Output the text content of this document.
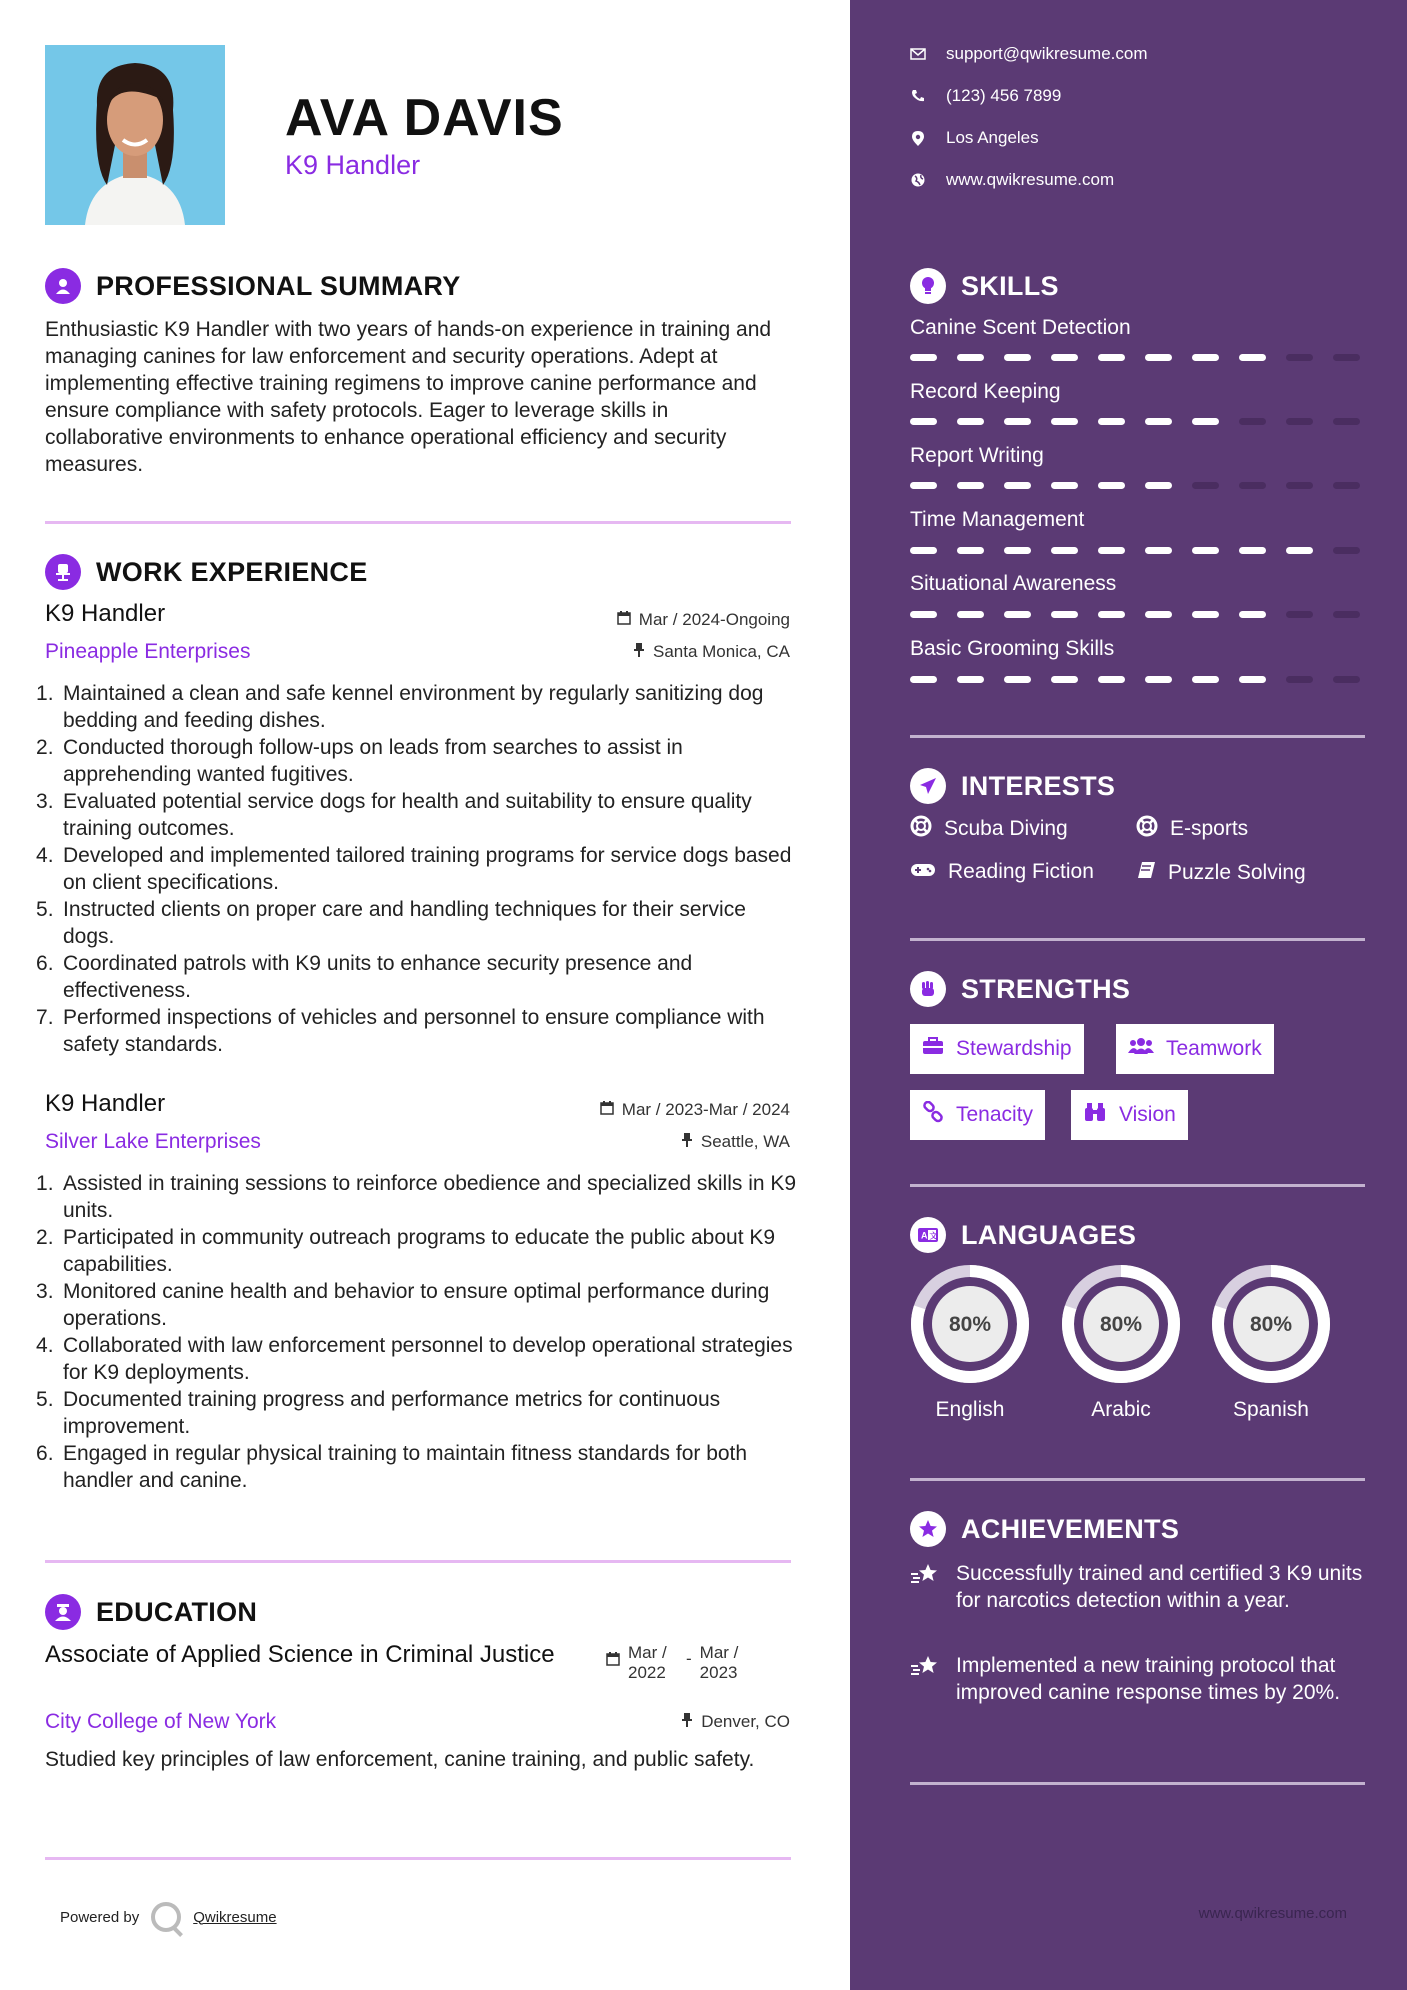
AVA DAVIS
K9 Handler
PROFESSIONAL SUMMARY
Enthusiastic K9 Handler with two years of hands-on experience in training and managing canines for law enforcement and security operations. Adept at implementing effective training regimens to improve canine performance and ensure compliance with safety protocols. Eager to leverage skills in collaborative environments to enhance operational efficiency and security measures.
WORK EXPERIENCE
K9 Handler	Mar / 2024-Ongoing
Pineapple Enterprises	Santa Monica, CA
Maintained a clean and safe kennel environment by regularly sanitizing dog bedding and feeding dishes.
Conducted thorough follow-ups on leads from searches to assist in apprehending wanted fugitives.
Evaluated potential service dogs for health and suitability to ensure quality training outcomes.
Developed and implemented tailored training programs for service dogs based on client specifications.
Instructed clients on proper care and handling techniques for their service dogs.
Coordinated patrols with K9 units to enhance security presence and effectiveness.
Performed inspections of vehicles and personnel to ensure compliance with safety standards.
K9 Handler	Mar / 2023-Mar / 2024
Silver Lake Enterprises	Seattle, WA
Assisted in training sessions to reinforce obedience and specialized skills in K9 units.
Participated in community outreach programs to educate the public about K9 capabilities.
Monitored canine health and behavior to ensure optimal performance during operations.
Collaborated with law enforcement personnel to develop operational strategies for K9 deployments.
Documented training progress and performance metrics for continuous improvement.
Engaged in regular physical training to maintain fitness standards for both handler and canine.
EDUCATION
Associate of Applied Science in Criminal Justice	Mar / 2022
- Mar / 2023
City College of New York	Denver, CO
Studied key principles of law enforcement, canine training, and public safety.
Powered by	Qwikresume
support@qwikresume.com
(123) 456 7899
Los Angeles
www.qwikresume.com
SKILLS
Canine Scent Detection
Record Keeping
Report Writing
Time Management
Situational Awareness
Basic Grooming Skills
INTERESTS
Scuba Diving	E-sports
Reading Fiction	Puzzle Solving
STRENGTHS
Stewardship	Teamwork
Tenacity	Vision
A 文 LANGUAGES
80%
English
80%
Arabic
80%
Spanish
ACHIEVEMENTS
Successfully trained and certified 3 K9 units for narcotics detection within a year.
Implemented a new training protocol that improved canine response times by 20%.
www.qwikresume.com
